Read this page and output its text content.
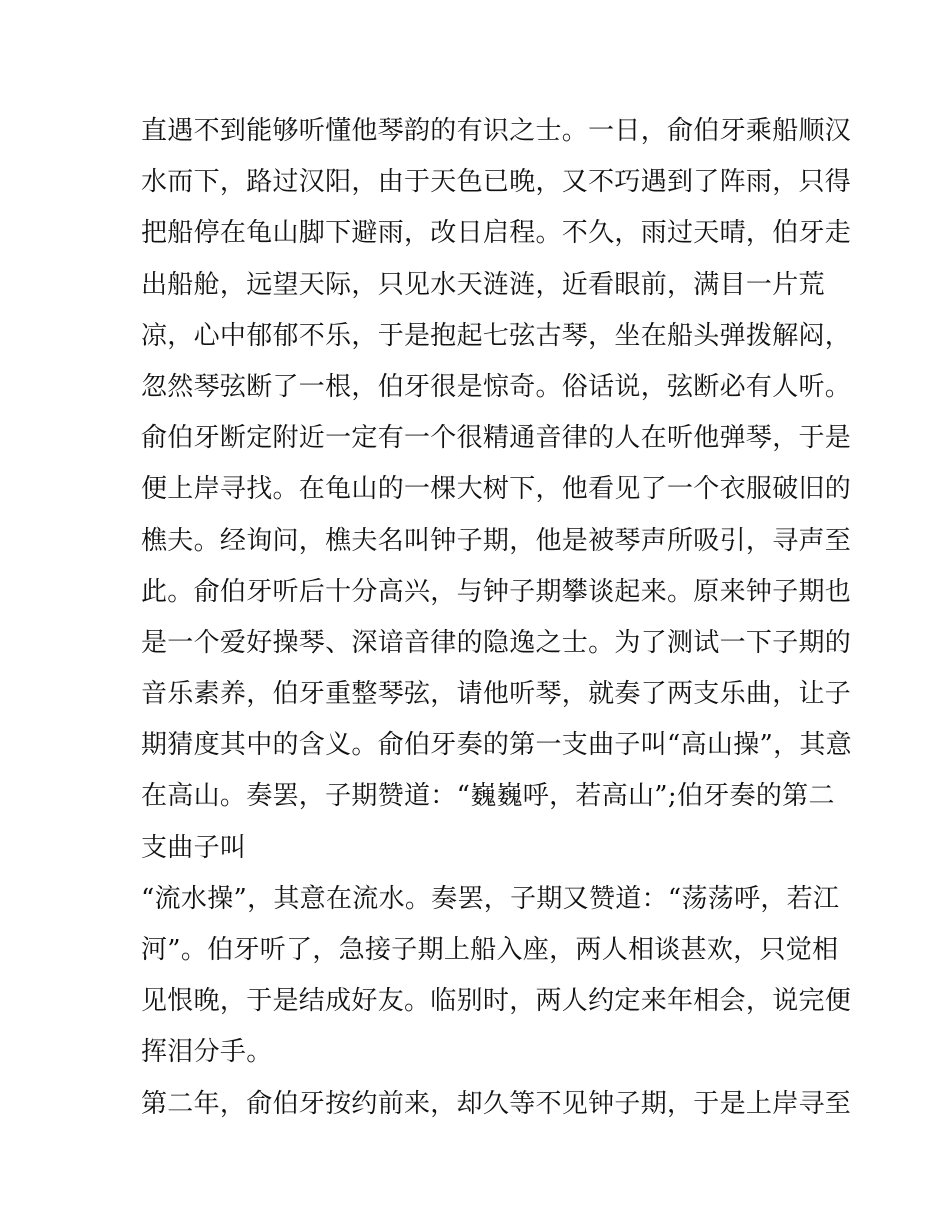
直遇不到能够听懂他琴韵的有识之士。一日，俞伯牙乘船顺汉
水而下，路过汉阳，由于天色已晚，又不巧遇到了阵雨，只得
把船停在龟山脚下避雨，改日启程。不久，雨过天晴，伯牙走
出船舱，远望天际，只见水天涟涟，近看眼前，满目一片荒
凉，心中郁郁不乐，于是抱起七弦古琴，坐在船头弹拨解闷，
忽然琴弦断了一根，伯牙很是惊奇。俗话说，弦断必有人听。
俞伯牙断定附近一定有一个很精通音律的人在听他弹琴，于是
便上岸寻找。在龟山的一棵大树下，他看见了一个衣服破旧的
樵夫。经询问，樵夫名叫钟子期，他是被琴声所吸引，寻声至
此。俞伯牙听后十分高兴，与钟子期攀谈起来。原来钟子期也
是一个爱好操琴、深谙音律的隐逸之士。为了测试一下子期的
音乐素养，伯牙重整琴弦，请他听琴，就奏了两支乐曲，让子
期猜度其中的含义。俞伯牙奏的第一支曲子叫“高山操”，其意
在高山。奏罢，子期赞道：“巍巍呼，若高山”;伯牙奏的第二
支曲子叫
“流水操”，其意在流水。奏罢，子期又赞道：“荡荡呼，若江
河”。伯牙听了，急接子期上船入座，两人相谈甚欢，只觉相
见恨晚，于是结成好友。临别时，两人约定来年相会，说完便
挥泪分手。
第二年，俞伯牙按约前来，却久等不见钟子期，于是上岸寻至
